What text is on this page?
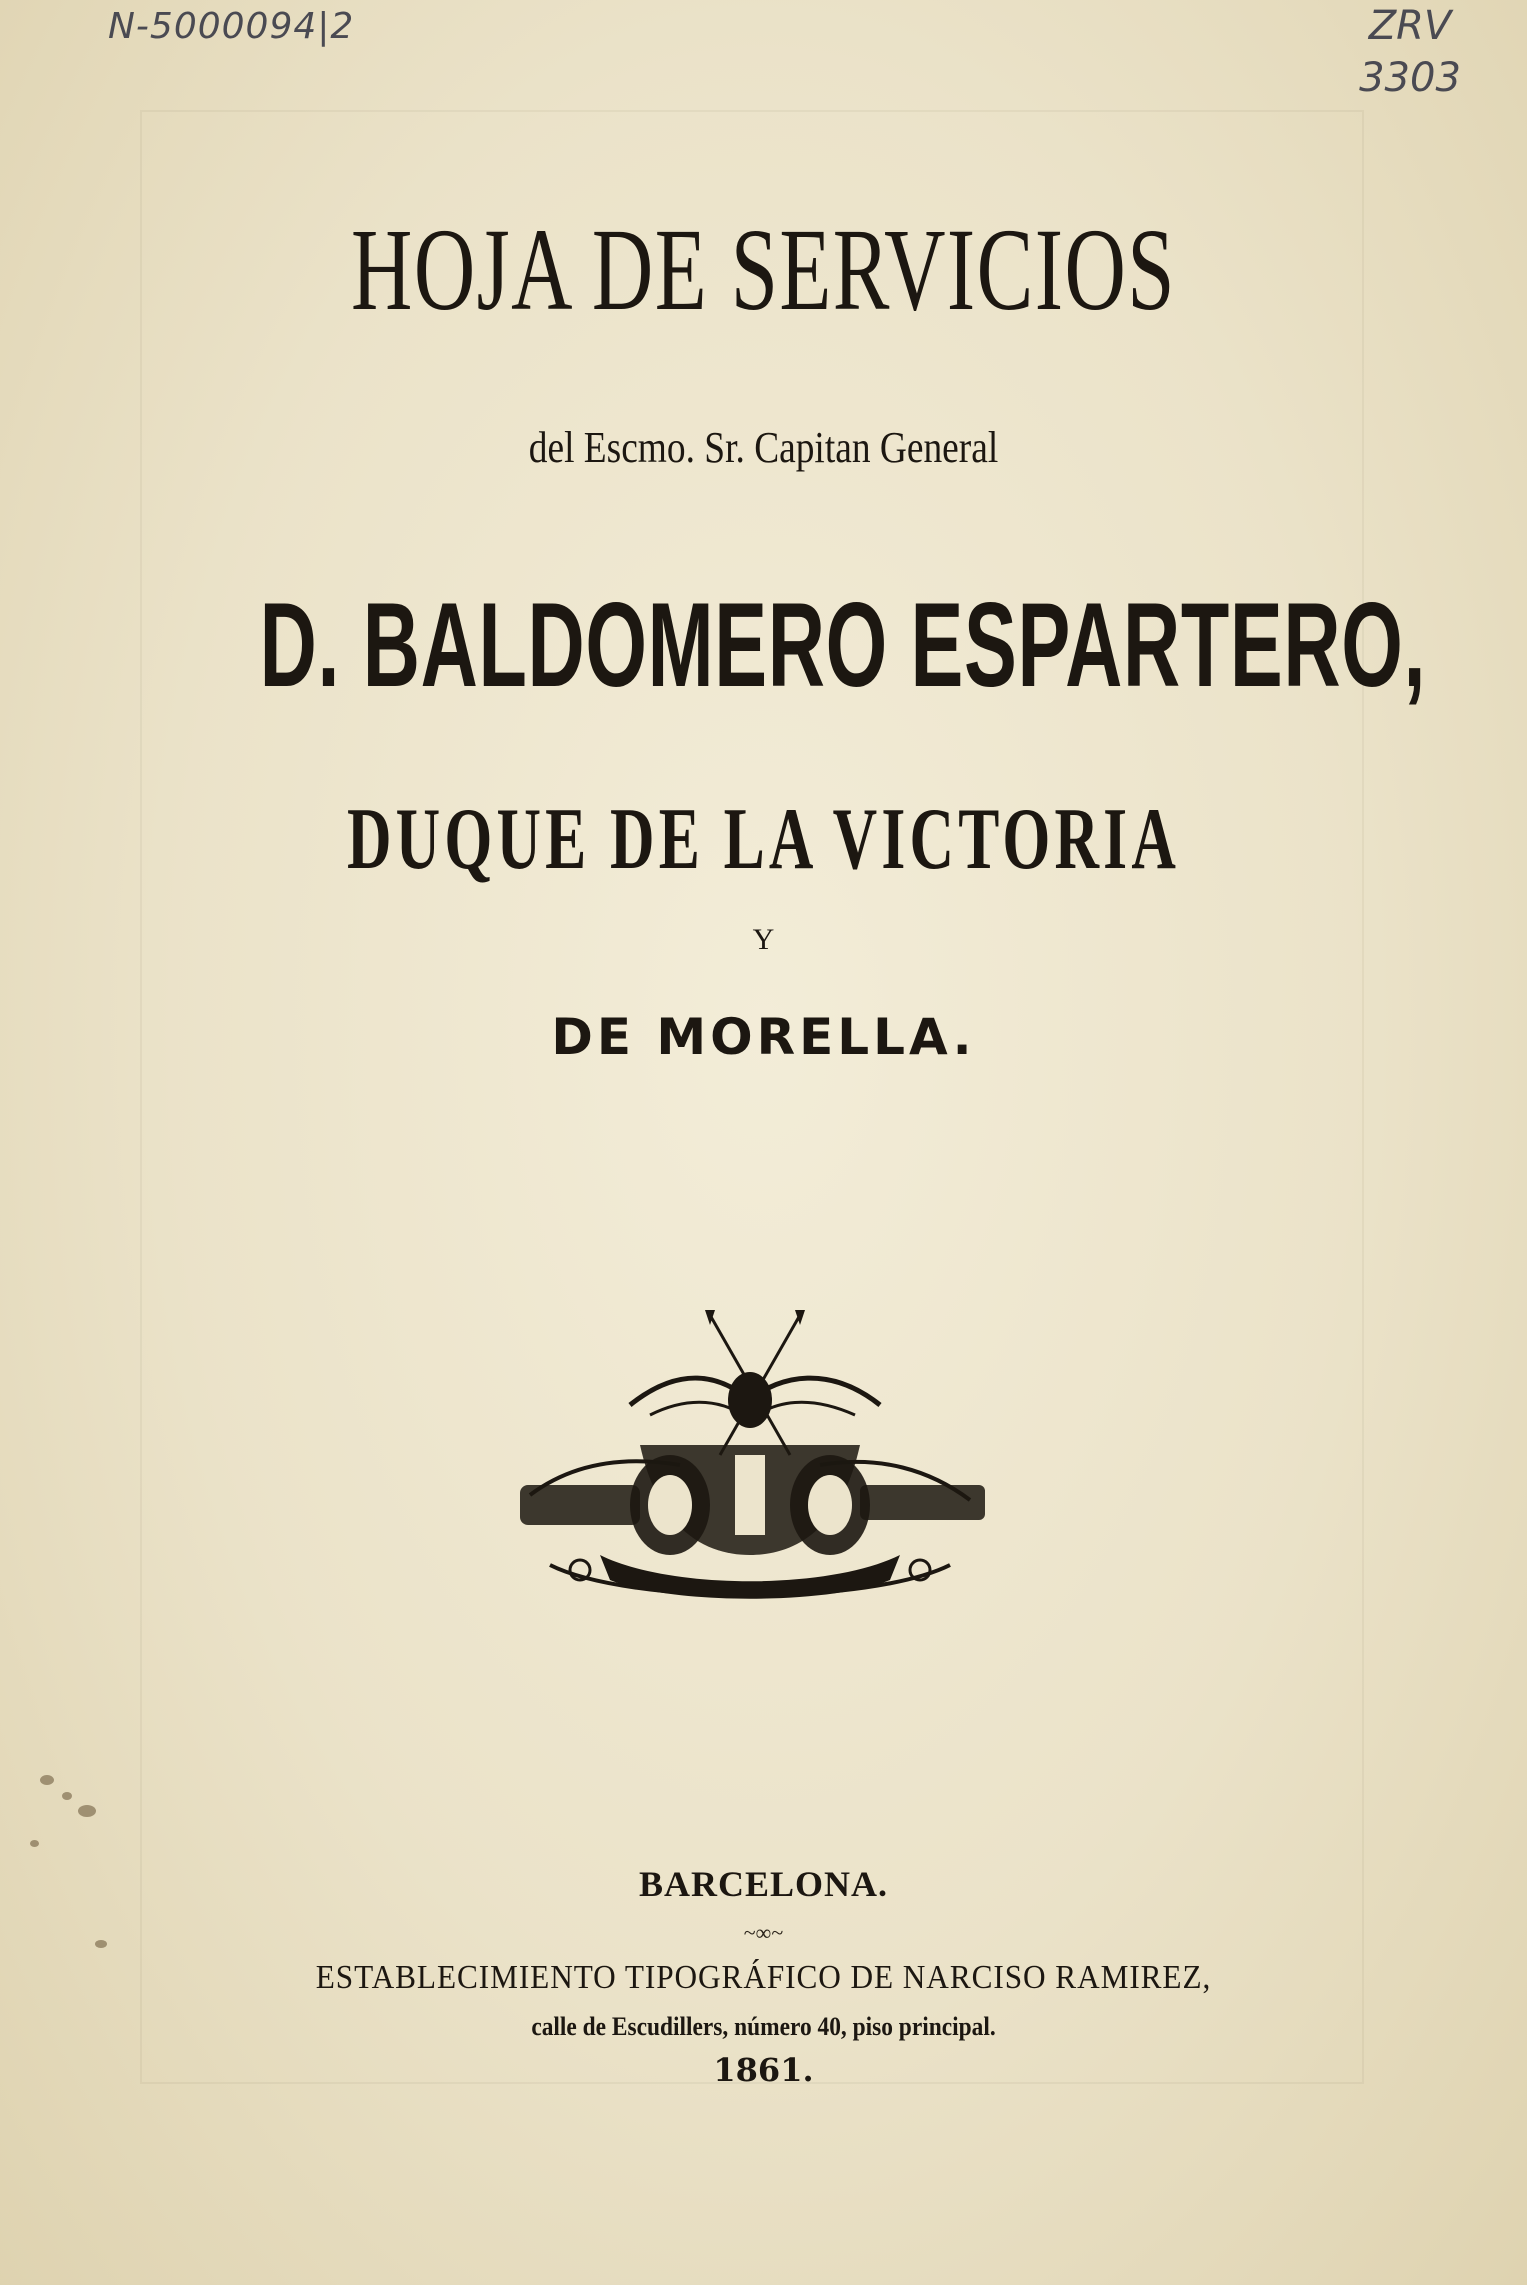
N-5000094|2	ZRV
3303
HOJA DE SERVICIOS
del Escmo. Sr. Capitan General
D. BALDOMERO ESPARTERO,
DUQUE DE LA VICTORIA
Y
DE MORELLA.
BARCELONA.
~∞~
ESTABLECIMIENTO TIPOGRÁFICO DE NARCISO RAMIREZ,
calle de Escudillers, número 40, piso principal.
1861.
